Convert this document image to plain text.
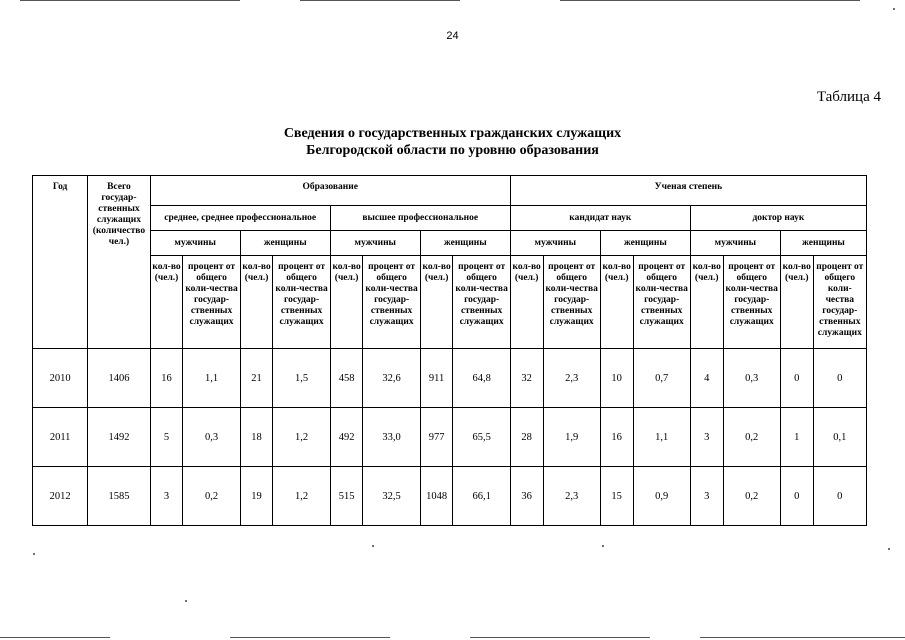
24
Таблица 4
Сведения о государственных гражданских служащих
Белгородской области по уровню образования
Год	Всего государ-ственных служащих (количество чел.)	Образование								Ученая степень							
		среднее, среднее профессиональное				высшее профессиональное				кандидат наук				доктор наук			
		мужчины		женщины		мужчины		женщины		мужчины		женщины		мужчины		женщины	
		кол-во (чел.)	процент от общего коли-чества государ-ственных служащих	кол-во (чел.)	процент от общего коли-чества государ-ственных служащих	кол-во (чел.)	процент от общего коли-чества государ-ственных служащих	кол-во (чел.)	процент от общего коли-чества государ-ственных служащих	кол-во (чел.)	процент от общего коли-чества государ-ственных служащих	кол-во (чел.)	процент от общего коли-чества государ-ственных служащих	кол-во (чел.)	процент от общего коли-чества государ-ственных служащих	кол-во (чел.)	процент от общего коли-чества государ-ственных служащих
2010	1406	16	1,1	21	1,5	458	32,6	911	64,8	32	2,3	10	0,7	4	0,3	0	0
2011	1492	5	0,3	18	1,2	492	33,0	977	65,5	28	1,9	16	1,1	3	0,2	1	0,1
2012	1585	3	0,2	19	1,2	515	32,5	1048	66,1	36	2,3	15	0,9	3	0,2	0	0
